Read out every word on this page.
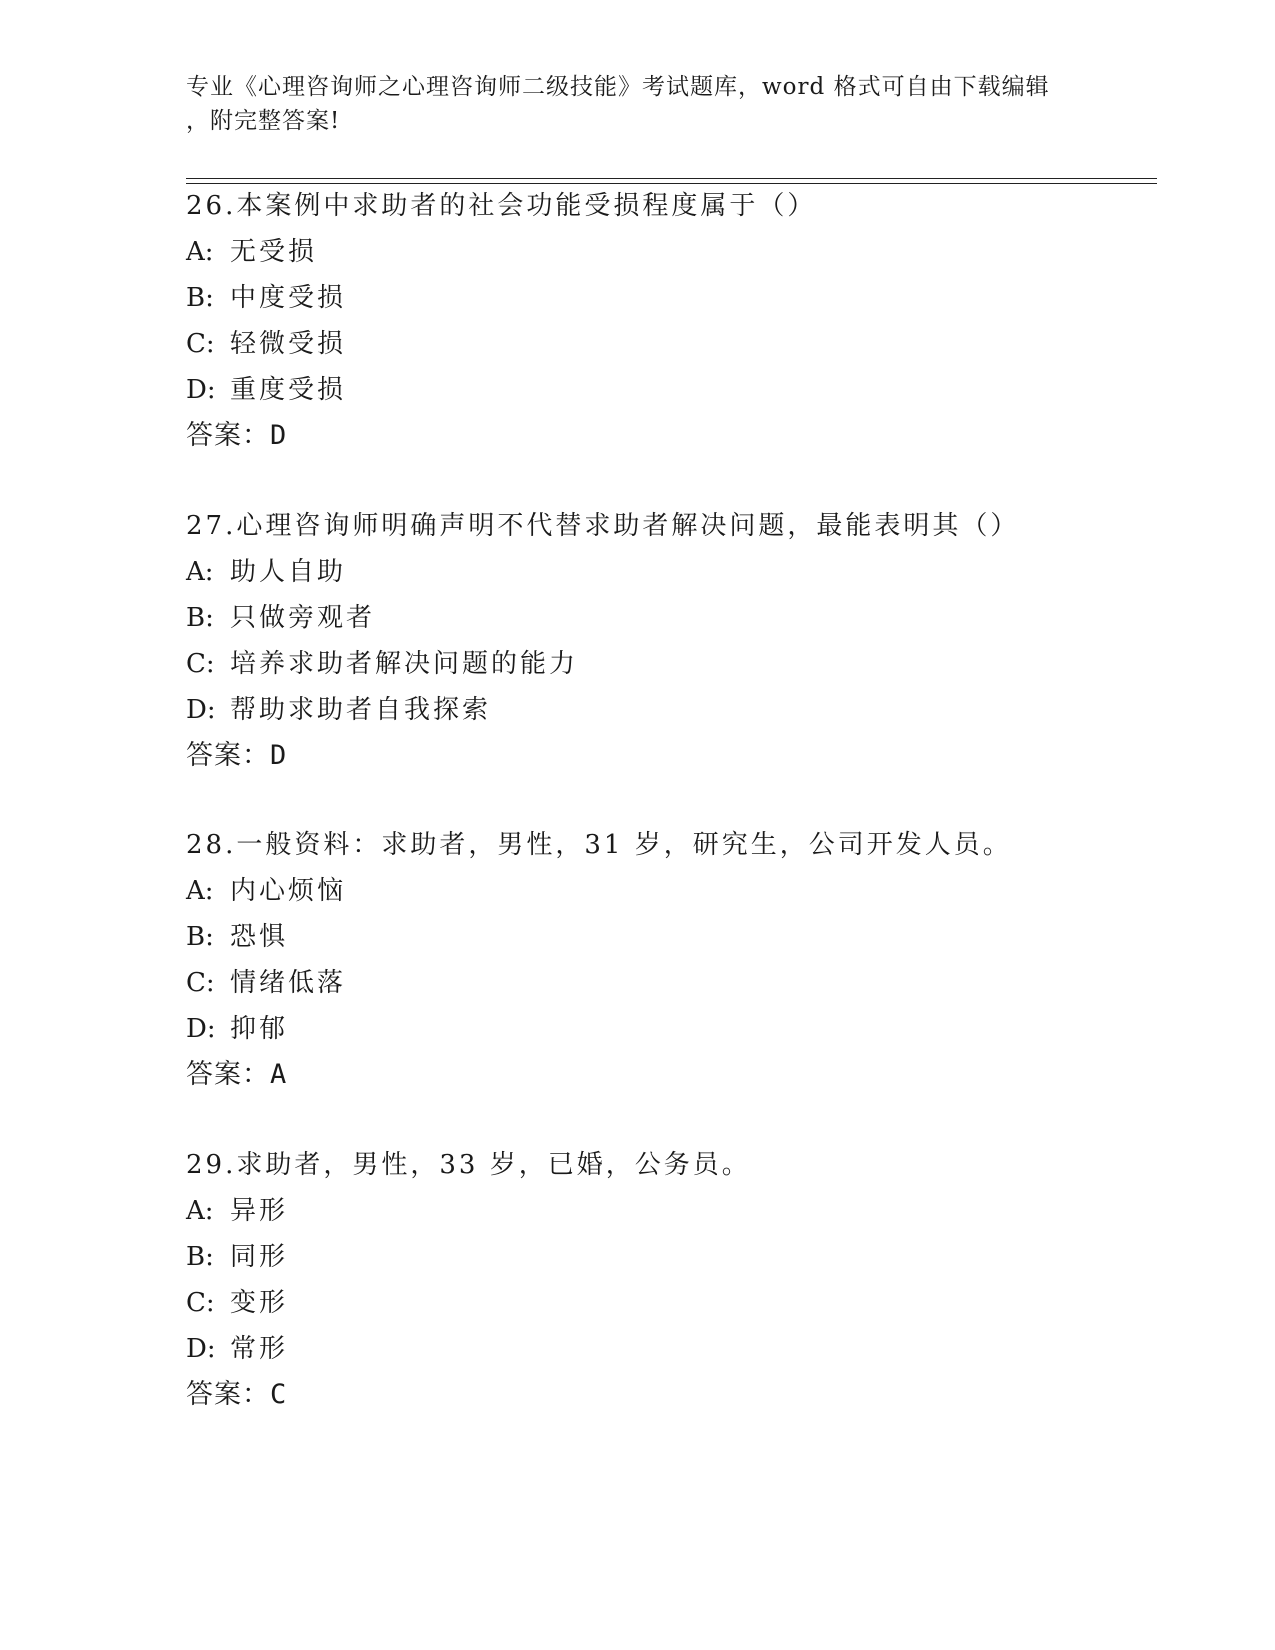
专业《心理咨询师之心理咨询师二级技能》考试题库，word 格式可自由下载编辑
，附完整答案!
26.本案例中求助者的社会功能受损程度属于（）
A: 无受损
B: 中度受损
C: 轻微受损
D: 重度受损
答案：D
27.心理咨询师明确声明不代替求助者解决问题，最能表明其（）
A: 助人自助
B: 只做旁观者
C: 培养求助者解决问题的能力
D: 帮助求助者自我探索
答案：D
28.一般资料：求助者，男性，31 岁，研究生，公司开发人员。
A: 内心烦恼
B: 恐惧
C: 情绪低落
D: 抑郁
答案：A
29.求助者，男性，33 岁，已婚，公务员。
A: 异形
B: 同形
C: 变形
D: 常形
答案：C
